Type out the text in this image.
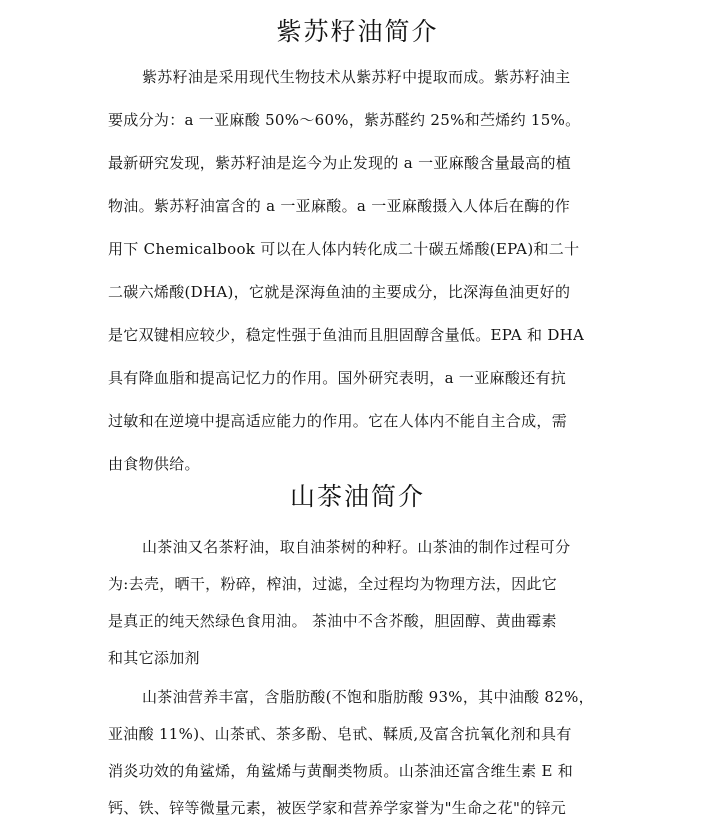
紫苏籽油简介

紫苏籽油是采用现代生物技术从紫苏籽中提取而成。紫苏籽油主

要成分为：a 一亚麻酸 50%～60%，紫苏醛约 25%和苎烯约 15%。

最新研究发现，紫苏籽油是迄今为止发现的 a 一亚麻酸含量最高的植

物油。紫苏籽油富含的 a 一亚麻酸。a 一亚麻酸摄入人体后在酶的作

用下 Chemicalbook 可以在人体内转化成二十碳五烯酸(EPA)和二十

二碳六烯酸(DHA)，它就是深海鱼油的主要成分，比深海鱼油更好的

是它双键相应较少，稳定性强于鱼油而且胆固醇含量低。EPA 和 DHA

具有降血脂和提高记忆力的作用。国外研究表明，a 一亚麻酸还有抗

过敏和在逆境中提高适应能力的作用。它在人体内不能自主合成，需

由食物供给。

山茶油简介

山茶油又名茶籽油，取自油茶树的种籽。山茶油的制作过程可分

为:去壳，晒干，粉碎，榨油，过滤，全过程均为物理方法，因此它

是真正的纯天然绿色食用油。 茶油中不含芥酸，胆固醇、黄曲霉素

和其它添加剂

山茶油营养丰富，含脂肪酸(不饱和脂肪酸 93%，其中油酸 82%，

亚油酸 11%)、山茶甙、茶多酚、皂甙、鞣质,及富含抗氧化剂和具有

消炎功效的角鲨烯，角鲨烯与黄酮类物质。山茶油还富含维生素 E 和

钙、铁、锌等微量元素，被医学家和营养学家誉为"生命之花"的锌元
